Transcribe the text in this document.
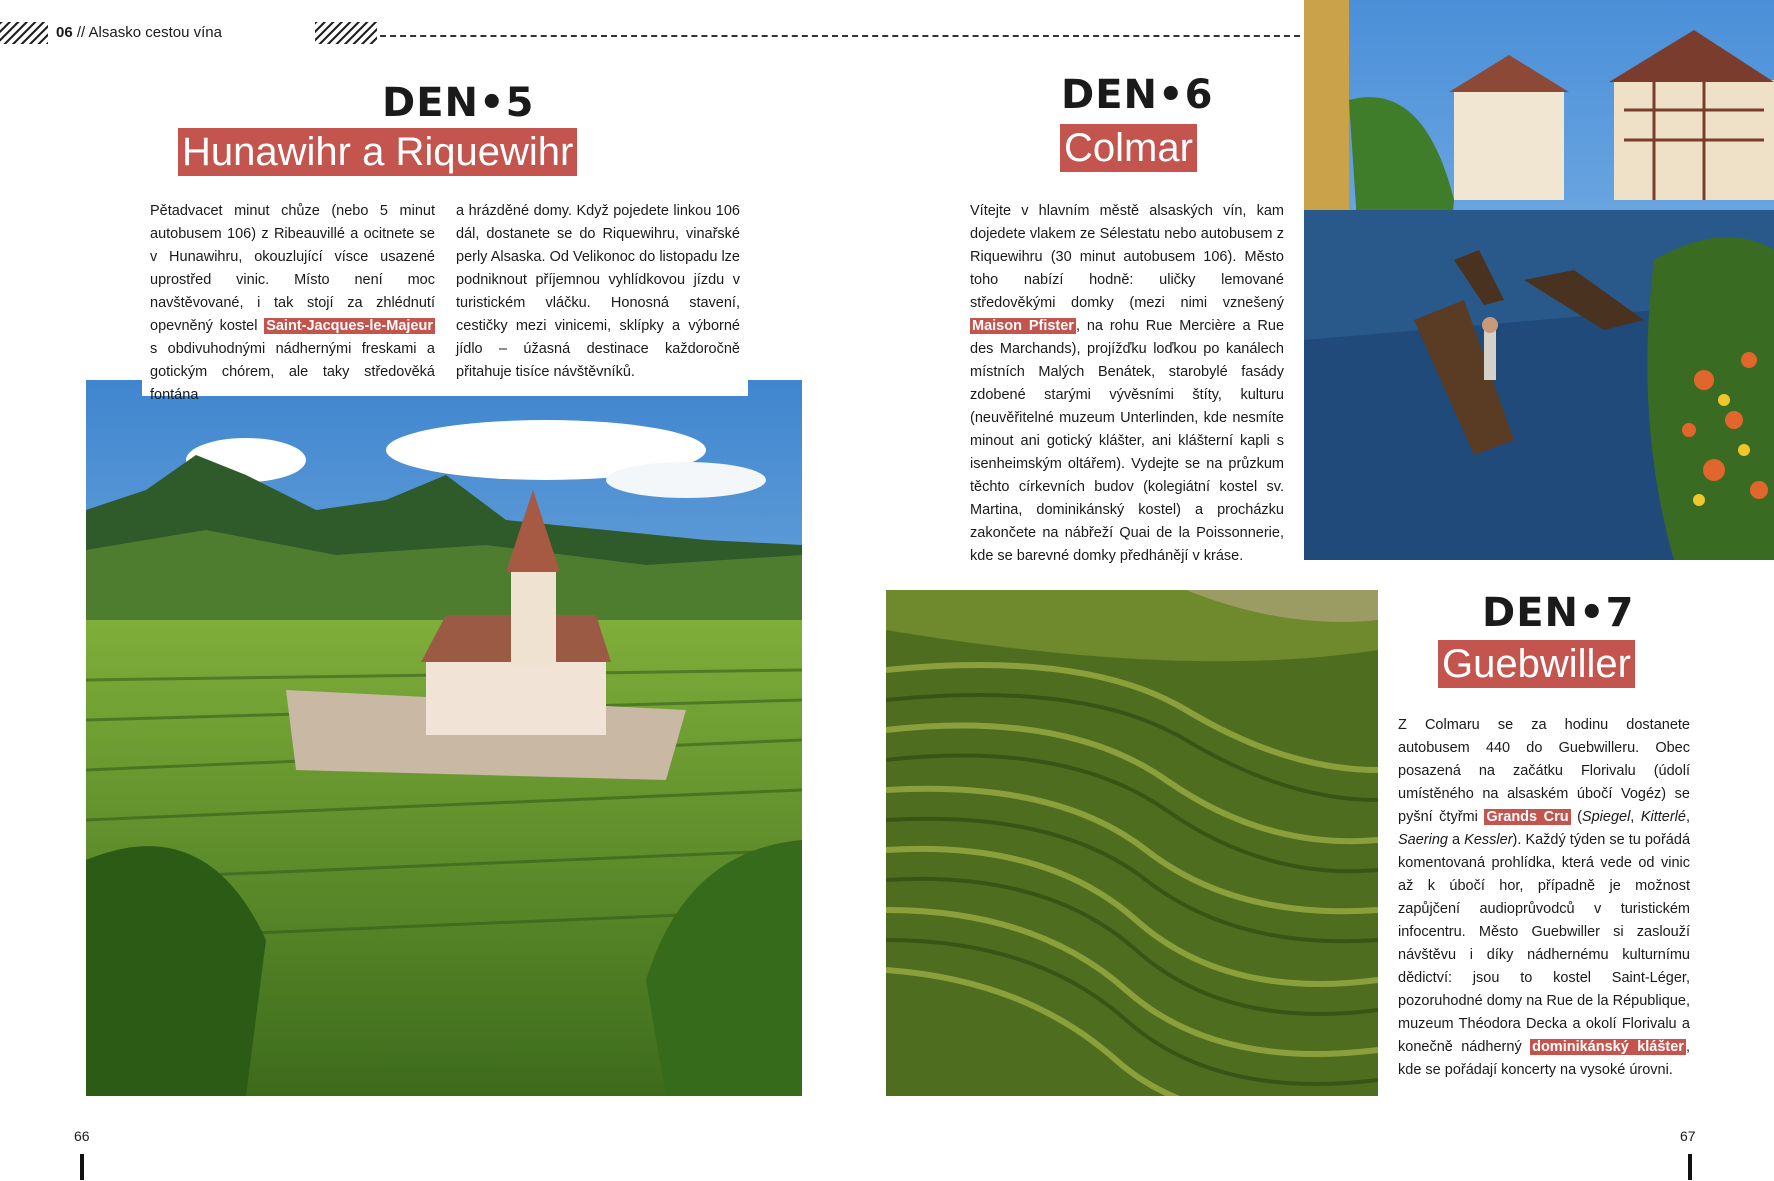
06 // Alsasko cestou vína
DEN•5
Hunawihr a Riquewihr

Pětadvacet minut chůze (nebo 5 minut autobusem 106) z Ribeauvillé a ocitnete se v Hunawihru, okouzlující vísce usazené uprostřed vinic. Místo není moc navštěvované, i tak stojí za zhlédnutí opevněný kostel Saint-Jacques-le-Majeur s obdivuhodnými nádhernými freskami a gotickým chórem, ale taky středověká fontána

a hrázděné domy. Když pojedete linkou 106 dál, dostanete se do Riquewihru, vinařské perly Alsaska. Od Velikonoc do listopadu lze podniknout příjemnou vyhlídkovou jízdu v turistickém vláčku. Honosná stavení, cestičky mezi vinicemi, sklípky a výborné jídlo – úžasná destinace každoročně přitahuje tisíce návštěvníků.

DEN•6
Colmar

Vítejte v hlavním městě alsaských vín, kam dojedete vlakem ze Sélestatu nebo autobusem z Riquewihru (30 minut autobusem 106). Město toho nabízí hodně: uličky lemované středověkými domky (mezi nimi vznešený Maison Pfister , na rohu Rue Mercière a Rue des Marchands), projížďku loďkou po kanálech místních Malých Benátek, starobylé fasády zdobené starými vývěsními štíty, kulturu (neuvěřitelné muzeum Unterlinden, kde nesmíte minout ani gotický klášter, ani klášterní kapli s isenheimským oltářem). Vydejte se na průzkum těchto církevních budov (kolegiátní kostel sv. Martina, dominikánský kostel) a procházku zakončete na nábřeží Quai de la Poissonnerie, kde se barevné domky předhánějí v kráse.

DEN•7
Guebwiller

Z Colmaru se za hodinu dostanete autobusem 440 do Guebwilleru. Obec posazená na začátku Florivalu (údolí umístěného na alsaském úbočí Vogéz) se pyšní čtyřmi Grands Cru (Spiegel, Kitterlé, Saering a Kessler). Každý týden se tu pořádá komentovaná prohlídka, která vede od vinic až k úbočí hor, případně je možnost zapůjčení audioprůvodců v turistickém infocentru. Město Guebwiller si zaslouží návštěvu i díky nádhernému kulturnímu dědictví: jsou to kostel Saint-Léger, pozoruhodné domy na Rue de la République, muzeum Théodora Decka a okolí Florivalu a konečně nádherný dominikánský klášter , kde se pořádají koncerty na vysoké úrovni.

66	67
